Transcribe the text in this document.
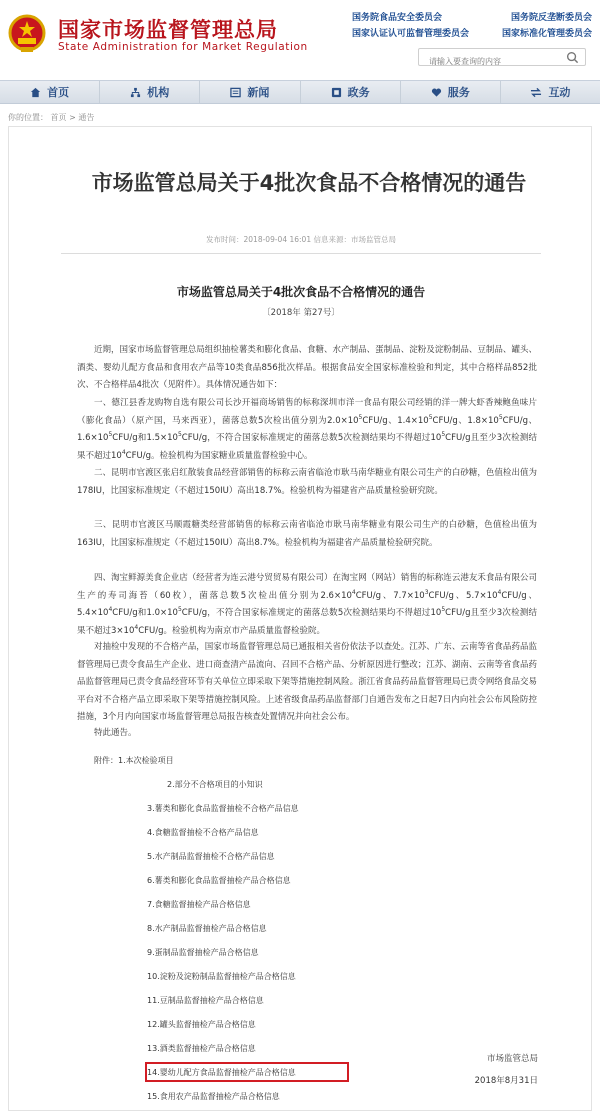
国家市场监督管理总局
State Administration for Market Regulation
国务院食品安全委员会	国务院反垄断委员会
国家认证认可监督管理委员会	国家标准化管理委员会
请输入要查询的内容
首页	机构	新闻	政务	服务	互动
你的位置： 首页 > 通告
市场监管总局关于4批次食品不合格情况的通告
发布时间：2018-09-04 16:01 信息来源：市场监管总局
市场监管总局关于4批次食品不合格情况的通告
〔2018年 第27号〕
近期，国家市场监督管理总局组织抽检薯类和膨化食品、食糖、水产制品、蛋制品、淀粉及淀粉制品、豆制品、罐头、酒类、婴幼儿配方食品和食用农产品等10类食品856批次样品。根据食品安全国家标准检验和判定，其中合格样品852批次、不合格样品4批次（见附件）。具体情况通告如下：
一、德江县香龙购物自选有限公司长沙开福商场销售的标称深圳市洋一食品有限公司经销的洋一牌大虾香辣鲍鱼味片（膨化食品）（原产国，马来西亚），菌落总数5次检出值分别为$2.0\times 10^5CFU/g$、$1.4\times 10^5CFU/g$、$1.8\times 10^5CFU/g$、$1.6\times 10^5CFU/g$和$1.5\times 10^5CFU/g$，不符合国家标准规定的菌落总数5次检测结果均不得超过$10^5CFU/g$且至少3次检测结果不超过$10^4CFU/g$。检验机构为国家糖业质量监督检验中心。
二、昆明市官渡区张启红散装食品经营部销售的标称云南省临沧市耿马南华糖业有限公司生产的白砂糖，色值检出值为178IU，比国家标准规定（不超过150IU）高出18.7%。检验机构为福建省产品质量检验研究院。
三、昆明市官渡区马顺霞糖类经营部销售的标称云南省临沧市耿马南华糖业有限公司生产的白砂糖，色值检出值为163IU，比国家标准规定（不超过150IU）高出8.7%。检验机构为福建省产品质量检验研究院。
四、淘宝鲜源美食企业店（经营者为连云港兮贸贸易有限公司）在淘宝网（网站）销售的标称连云港友禾食品有限公司生产的寿司海苔（60枚），菌落总数5次检出值分别为$2.6\times 10^4CFU/g$、$7.7\times 10^3CFU/g$、$5.7\times 10^4CFU/g$、$5.4\times 10^4CFU/g$和$1.0\times 10^5CFU/g$，不符合国家标准规定的菌落总数5次检测结果均不得超过$10^5CFU/g$且至少3次检测结果不超过$3\times 10^4CFU/g$。检验机构为南京市产品质量监督检验院。
对抽检中发现的不合格产品，国家市场监督管理总局已通报相关省份依法予以查处。江苏、广东、云南等省食品药品监督管理局已责令食品生产企业、进口商查清产品流向、召回不合格产品、分析原因进行整改；江苏、湖南、云南等省食品药品监督管理局已责令食品经营环节有关单位立即采取下架等措施控制风险。浙江省食品药品监督管理局已责令网络食品交易平台对不合格产品立即采取下架等措施控制风险。上述省级食品药品监督部门自通告发布之日起7日内向社会公布风险防控措施，3个月内向国家市场监督管理总局报告核查处置情况并向社会公布。
特此通告。
附件：1.本次检验项目
2.部分不合格项目的小知识
3.薯类和膨化食品监督抽检不合格产品信息
4.食糖监督抽检不合格产品信息
5.水产制品监督抽检不合格产品信息
6.薯类和膨化食品监督抽检产品合格信息
7.食糖监督抽检产品合格信息
8.水产制品监督抽检产品合格信息
9.蛋制品监督抽检产品合格信息
10.淀粉及淀粉制品监督抽检产品合格信息
11.豆制品监督抽检产品合格信息
12.罐头监督抽检产品合格信息
13.酒类监督抽检产品合格信息
14.婴幼儿配方食品监督抽检产品合格信息
15.食用农产品监督抽检产品合格信息
市场监管总局
2018年8月31日
